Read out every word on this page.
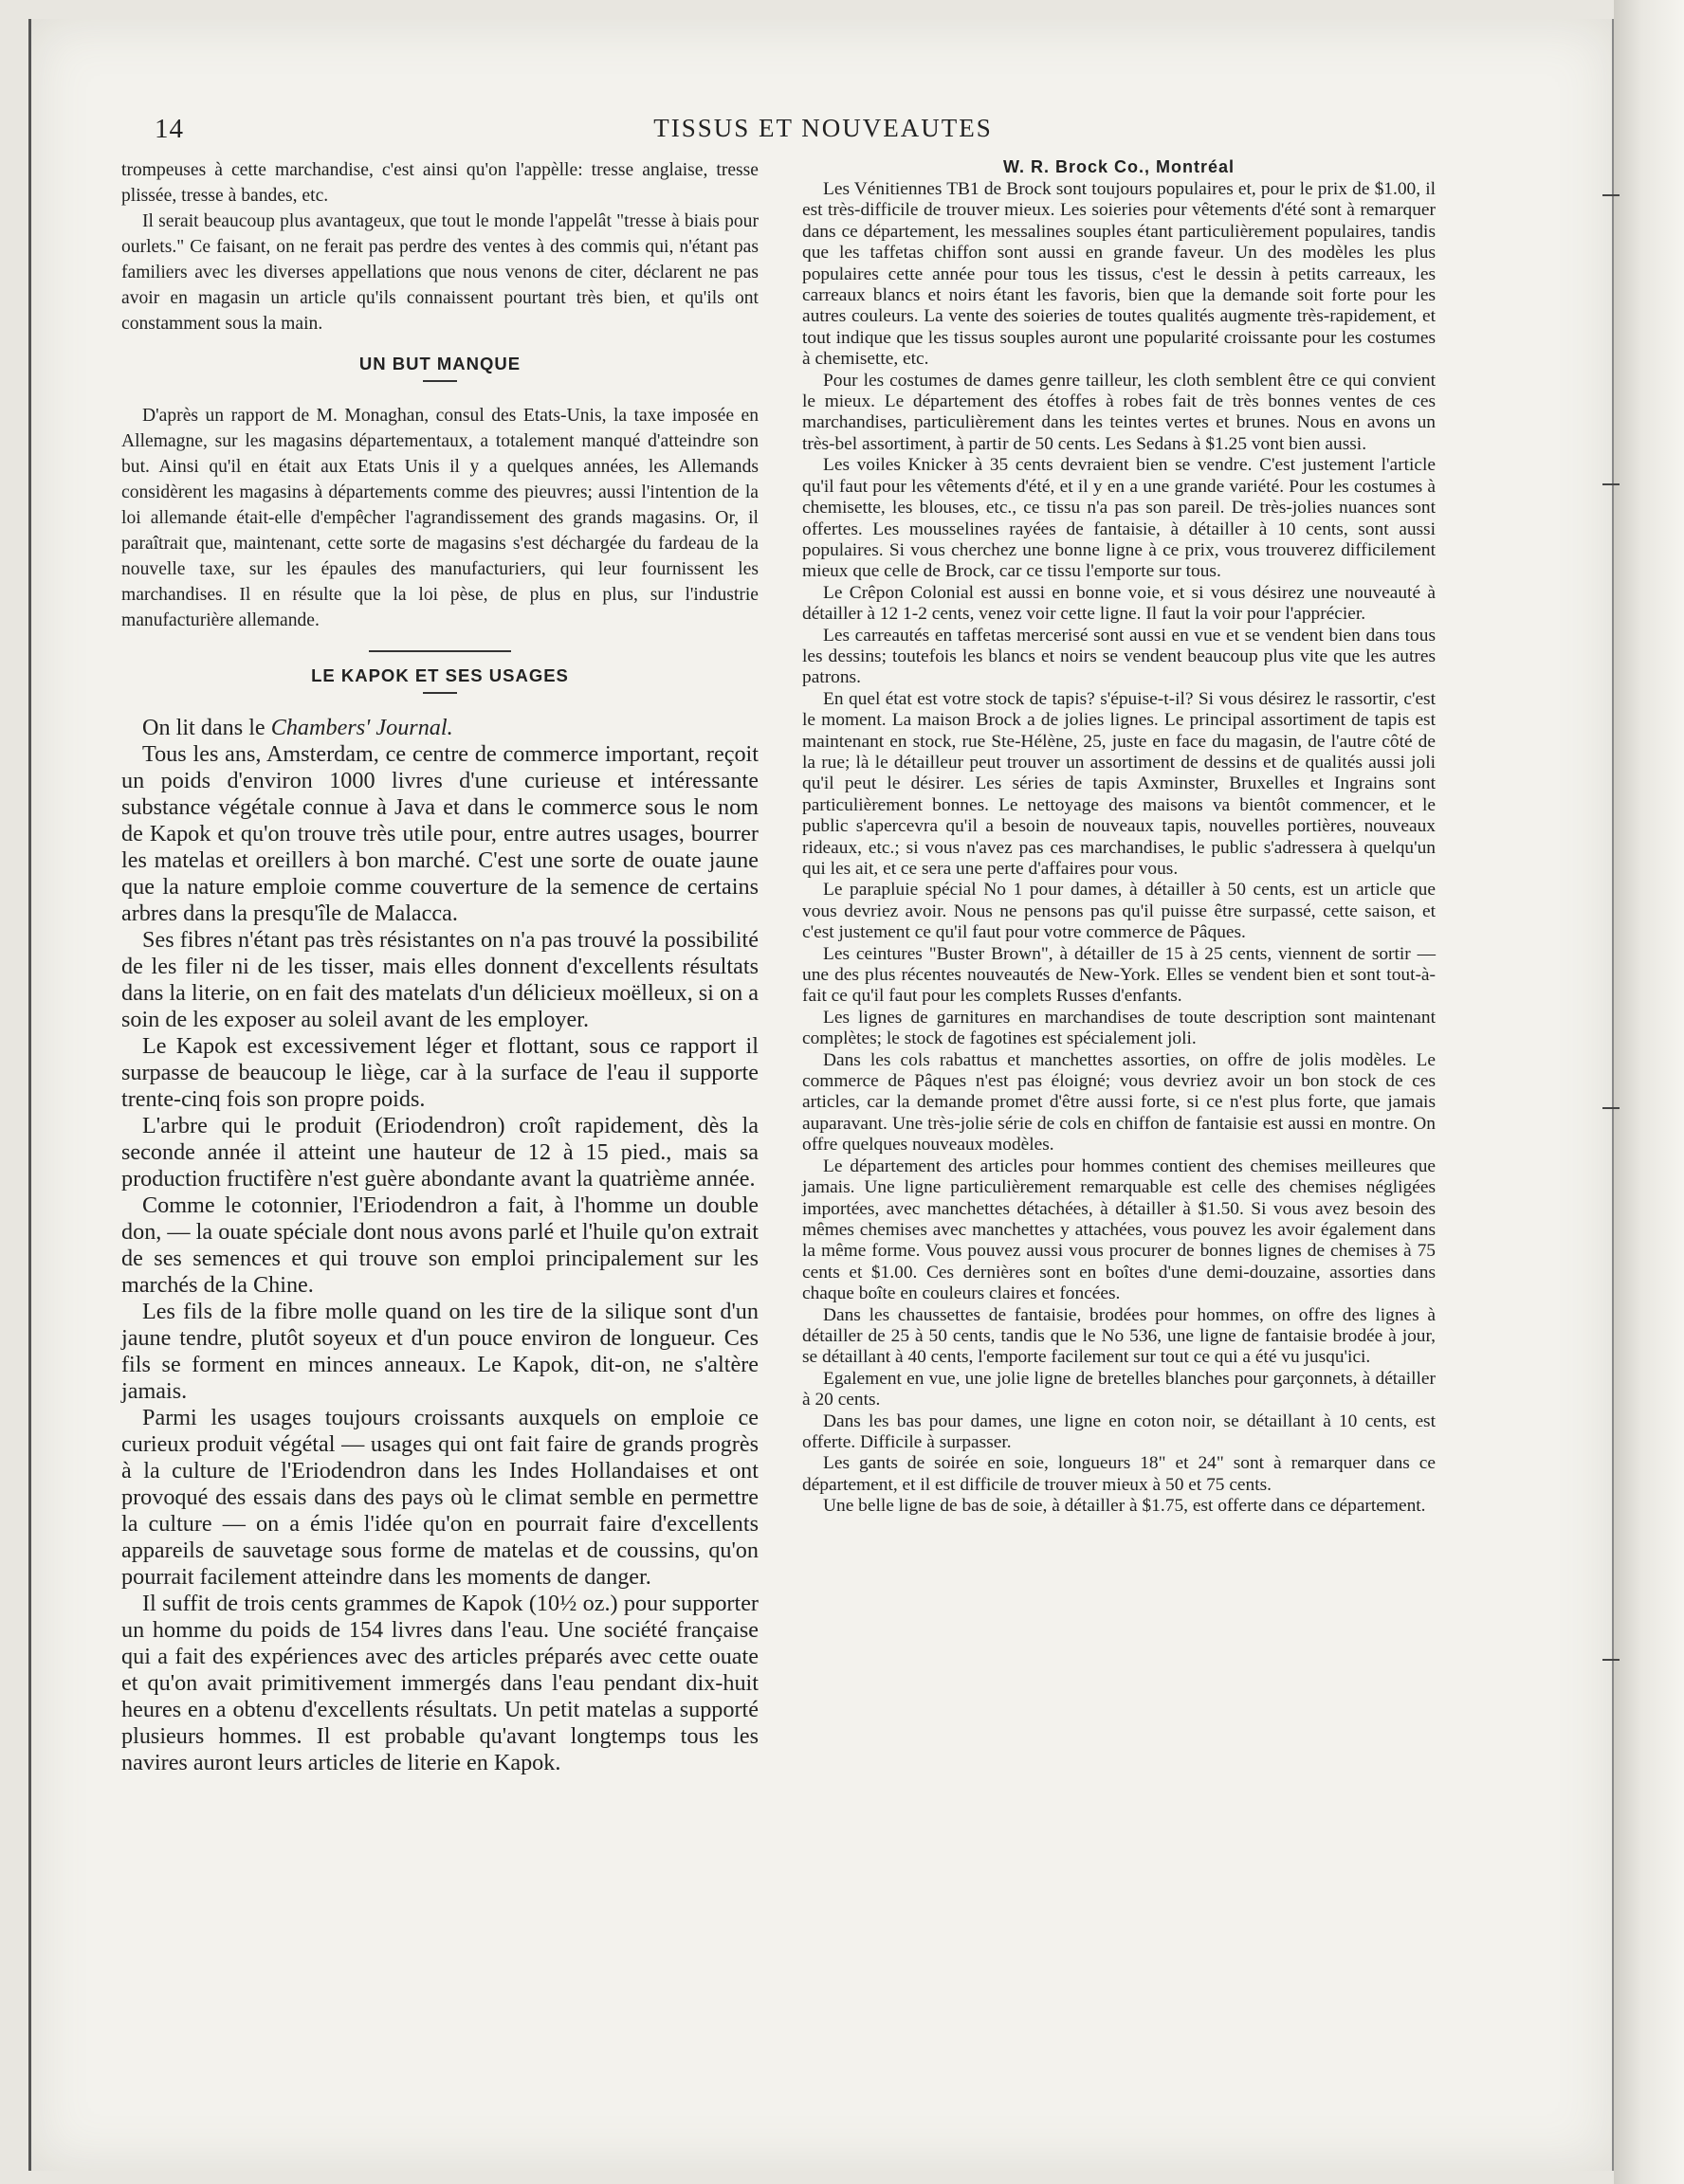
14	TISSUS ET NOUVEAUTES

trompeuses à cette marchandise, c'est ainsi qu'on l'appèlle: tresse anglaise, tresse plissée, tresse à bandes, etc.

Il serait beaucoup plus avantageux, que tout le monde l'appelât "tresse à biais pour ourlets." Ce faisant, on ne ferait pas perdre des ventes à des commis qui, n'étant pas familiers avec les diverses appellations que nous venons de citer, déclarent ne pas avoir en magasin un article qu'ils connaissent pourtant très bien, et qu'ils ont constamment sous la main.

UN BUT MANQUE

D'après un rapport de M. Monaghan, consul des Etats-Unis, la taxe imposée en Allemagne, sur les magasins départementaux, a totalement manqué d'atteindre son but. Ainsi qu'il en était aux Etats Unis il y a quelques années, les Allemands considèrent les magasins à départements comme des pieuvres; aussi l'intention de la loi allemande était-elle d'empêcher l'agrandissement des grands magasins. Or, il paraîtrait que, maintenant, cette sorte de magasins s'est déchargée du fardeau de la nouvelle taxe, sur les épaules des manufacturiers, qui leur fournissent les marchandises. Il en résulte que la loi pèse, de plus en plus, sur l'industrie manufacturière allemande.

LE KAPOK ET SES USAGES

On lit dans le Chambers' Journal.

Tous les ans, Amsterdam, ce centre de commerce important, reçoit un poids d'environ 1000 livres d'une curieuse et intéressante substance végétale connue à Java et dans le commerce sous le nom de Kapok et qu'on trouve très utile pour, entre autres usages, bourrer les matelas et oreillers à bon marché. C'est une sorte de ouate jaune que la nature emploie comme couverture de la semence de certains arbres dans la presqu'île de Malacca.

Ses fibres n'étant pas très résistantes on n'a pas trouvé la possibilité de les filer ni de les tisser, mais elles donnent d'excellents résultats dans la literie, on en fait des matelats d'un délicieux moëlleux, si on a soin de les exposer au soleil avant de les employer.

Le Kapok est excessivement léger et flottant, sous ce rapport il surpasse de beaucoup le liège, car à la surface de l'eau il supporte trente-cinq fois son propre poids.

L'arbre qui le produit (Eriodendron) croît rapidement, dès la seconde année il atteint une hauteur de 12 à 15 pied., mais sa production fructifère n'est guère abondante avant la quatrième année.

Comme le cotonnier, l'Eriodendron a fait, à l'homme un double don, — la ouate spéciale dont nous avons parlé et l'huile qu'on extrait de ses semences et qui trouve son emploi principalement sur les marchés de la Chine.

Les fils de la fibre molle quand on les tire de la silique sont d'un jaune tendre, plutôt soyeux et d'un pouce environ de longueur. Ces fils se forment en minces anneaux. Le Kapok, dit-on, ne s'altère jamais.

Parmi les usages toujours croissants auxquels on emploie ce curieux produit végétal — usages qui ont fait faire de grands progrès à la culture de l'Eriodendron dans les Indes Hollandaises et ont provoqué des essais dans des pays où le climat semble en permettre la culture — on a émis l'idée qu'on en pourrait faire d'excellents appareils de sauvetage sous forme de matelas et de coussins, qu'on pourrait facilement atteindre dans les moments de danger.

Il suffit de trois cents grammes de Kapok (10½ oz.) pour supporter un homme du poids de 154 livres dans l'eau. Une société française qui a fait des expériences avec des articles préparés avec cette ouate et qu'on avait primitivement immergés dans l'eau pendant dix-huit heures en a obtenu d'excellents résultats. Un petit matelas a supporté plusieurs hommes. Il est probable qu'avant longtemps tous les navires auront leurs articles de literie en Kapok.

W. R. Brock Co., Montréal

Les Vénitiennes TB1 de Brock sont toujours populaires et, pour le prix de $1.00, il est très-difficile de trouver mieux. Les soieries pour vêtements d'été sont à remarquer dans ce département, les messalines souples étant particulièrement populaires, tandis que les taffetas chiffon sont aussi en grande faveur. Un des modèles les plus populaires cette année pour tous les tissus, c'est le dessin à petits carreaux, les carreaux blancs et noirs étant les favoris, bien que la demande soit forte pour les autres couleurs. La vente des soieries de toutes qualités augmente très-rapidement, et tout indique que les tissus souples auront une popularité croissante pour les costumes à chemisette, etc.

Pour les costumes de dames genre tailleur, les cloth semblent être ce qui convient le mieux. Le département des étoffes à robes fait de très bonnes ventes de ces marchandises, particulièrement dans les teintes vertes et brunes. Nous en avons un très-bel assortiment, à partir de 50 cents. Les Sedans à $1.25 vont bien aussi.

Les voiles Knicker à 35 cents devraient bien se vendre. C'est justement l'article qu'il faut pour les vêtements d'été, et il y en a une grande variété. Pour les costumes à chemisette, les blouses, etc., ce tissu n'a pas son pareil. De très-jolies nuances sont offertes. Les mousselines rayées de fantaisie, à détailler à 10 cents, sont aussi populaires. Si vous cherchez une bonne ligne à ce prix, vous trouverez difficilement mieux que celle de Brock, car ce tissu l'emporte sur tous.

Le Crêpon Colonial est aussi en bonne voie, et si vous désirez une nouveauté à détailler à 12 1-2 cents, venez voir cette ligne. Il faut la voir pour l'apprécier.

Les carreautés en taffetas mercerisé sont aussi en vue et se vendent bien dans tous les dessins; toutefois les blancs et noirs se vendent beaucoup plus vite que les autres patrons.

En quel état est votre stock de tapis? s'épuise-t-il? Si vous désirez le rassortir, c'est le moment. La maison Brock a de jolies lignes. Le principal assortiment de tapis est maintenant en stock, rue Ste-Hélène, 25, juste en face du magasin, de l'autre côté de la rue; là le détailleur peut trouver un assortiment de dessins et de qualités aussi joli qu'il peut le désirer. Les séries de tapis Axminster, Bruxelles et Ingrains sont particulièrement bonnes. Le nettoyage des maisons va bientôt commencer, et le public s'apercevra qu'il a besoin de nouveaux tapis, nouvelles portières, nouveaux rideaux, etc.; si vous n'avez pas ces marchandises, le public s'adressera à quelqu'un qui les ait, et ce sera une perte d'affaires pour vous.

Le parapluie spécial No 1 pour dames, à détailler à 50 cents, est un article que vous devriez avoir. Nous ne pensons pas qu'il puisse être surpassé, cette saison, et c'est justement ce qu'il faut pour votre commerce de Pâques.

Les ceintures "Buster Brown", à détailler de 15 à 25 cents, viennent de sortir — une des plus récentes nouveautés de New-York. Elles se vendent bien et sont tout-à-fait ce qu'il faut pour les complets Russes d'enfants.

Les lignes de garnitures en marchandises de toute description sont maintenant complètes; le stock de fagotines est spécialement joli.

Dans les cols rabattus et manchettes assorties, on offre de jolis modèles. Le commerce de Pâques n'est pas éloigné; vous devriez avoir un bon stock de ces articles, car la demande promet d'être aussi forte, si ce n'est plus forte, que jamais auparavant. Une très-jolie série de cols en chiffon de fantaisie est aussi en montre. On offre quelques nouveaux modèles.

Le département des articles pour hommes contient des chemises meilleures que jamais. Une ligne particulièrement remarquable est celle des chemises négligées importées, avec manchettes détachées, à détailler à $1.50. Si vous avez besoin des mêmes chemises avec manchettes y attachées, vous pouvez les avoir également dans la même forme. Vous pouvez aussi vous procurer de bonnes lignes de chemises à 75 cents et $1.00. Ces dernières sont en boîtes d'une demi-douzaine, assorties dans chaque boîte en couleurs claires et foncées.

Dans les chaussettes de fantaisie, brodées pour hommes, on offre des lignes à détailler de 25 à 50 cents, tandis que le No 536, une ligne de fantaisie brodée à jour, se détaillant à 40 cents, l'emporte facilement sur tout ce qui a été vu jusqu'ici.

Egalement en vue, une jolie ligne de bretelles blanches pour garçonnets, à détailler à 20 cents.

Dans les bas pour dames, une ligne en coton noir, se détaillant à 10 cents, est offerte. Difficile à surpasser.

Les gants de soirée en soie, longueurs 18" et 24" sont à remarquer dans ce département, et il est difficile de trouver mieux à 50 et 75 cents.

Une belle ligne de bas de soie, à détailler à $1.75, est offerte dans ce département.
